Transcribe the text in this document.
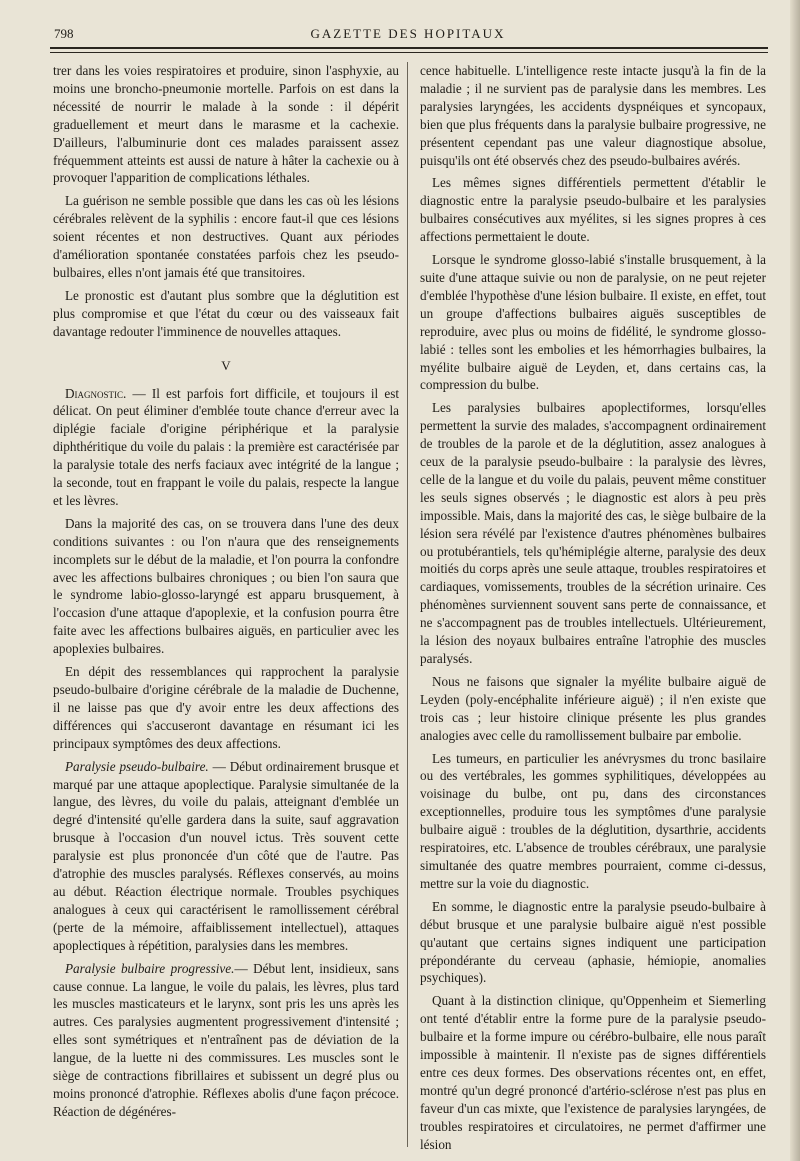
798	GAZETTE DES HOPITAUX

trer dans les voies respiratoires et produire, sinon l'asphyxie, au moins une broncho-pneumonie mortelle. Parfois on est dans la nécessité de nourrir le malade à la sonde : il dépérit graduellement et meurt dans le marasme et la cachexie. D'ailleurs, l'albuminurie dont ces malades paraissent assez fréquemment atteints est aussi de nature à hâter la cachexie ou à provoquer l'apparition de complications léthales.

La guérison ne semble possible que dans les cas où les lésions cérébrales relèvent de la syphilis : encore faut-il que ces lésions soient récentes et non destructives. Quant aux périodes d'amélioration spontanée constatées parfois chez les pseudo-bulbaires, elles n'ont jamais été que transitoires.

Le pronostic est d'autant plus sombre que la déglutition est plus compromise et que l'état du cœur ou des vaisseaux fait davantage redouter l'imminence de nouvelles attaques.

V

Diagnostic. — Il est parfois fort difficile, et toujours il est délicat. On peut éliminer d'emblée toute chance d'erreur avec la diplégie faciale d'origine périphérique et la paralysie diphthéritique du voile du palais : la première est caractérisée par la paralysie totale des nerfs faciaux avec intégrité de la langue ; la seconde, tout en frappant le voile du palais, respecte la langue et les lèvres.

Dans la majorité des cas, on se trouvera dans l'une des deux conditions suivantes : ou l'on n'aura que des renseignements incomplets sur le début de la maladie, et l'on pourra la confondre avec les affections bulbaires chroniques ; ou bien l'on saura que le syndrome labio-glosso-laryngé est apparu brusquement, à l'occasion d'une attaque d'apoplexie, et la confusion pourra être faite avec les affections bulbaires aiguës, en particulier avec les apoplexies bulbaires.

En dépit des ressemblances qui rapprochent la paralysie pseudo-bulbaire d'origine cérébrale de la maladie de Duchenne, il ne laisse pas que d'y avoir entre les deux affections des différences qui s'accuseront davantage en résumant ici les principaux symptômes des deux affections.

Paralysie pseudo-bulbaire. — Début ordinairement brusque et marqué par une attaque apoplectique. Paralysie simultanée de la langue, des lèvres, du voile du palais, atteignant d'emblée un degré d'intensité qu'elle gardera dans la suite, sauf aggravation brusque à l'occasion d'un nouvel ictus. Très souvent cette paralysie est plus prononcée d'un côté que de l'autre. Pas d'atrophie des muscles paralysés. Réflexes conservés, au moins au début. Réaction électrique normale. Troubles psychiques analogues à ceux qui caractérisent le ramollissement cérébral (perte de la mémoire, affaiblissement intellectuel), attaques apoplectiques à répétition, paralysies dans les membres.

Paralysie bulbaire progressive.— Début lent, insidieux, sans cause connue. La langue, le voile du palais, les lèvres, plus tard les muscles masticateurs et le larynx, sont pris les uns après les autres. Ces paralysies augmentent progressivement d'intensité ; elles sont symétriques et n'entraînent pas de déviation de la langue, de la luette ni des commissures. Les muscles sont le siège de contractions fibrillaires et subissent un degré plus ou moins prononcé d'atrophie. Réflexes abolis d'une façon précoce. Réaction de dégénéres-

cence habituelle. L'intelligence reste intacte jusqu'à la fin de la maladie ; il ne survient pas de paralysie dans les membres. Les paralysies laryngées, les accidents dyspnéiques et syncopaux, bien que plus fréquents dans la paralysie bulbaire progressive, ne présentent cependant pas une valeur diagnostique absolue, puisqu'ils ont été observés chez des pseudo-bulbaires avérés.

Les mêmes signes différentiels permettent d'établir le diagnostic entre la paralysie pseudo-bulbaire et les paralysies bulbaires consécutives aux myélites, si les signes propres à ces affections permettaient le doute.

Lorsque le syndrome glosso-labié s'installe brusquement, à la suite d'une attaque suivie ou non de paralysie, on ne peut rejeter d'emblée l'hypothèse d'une lésion bulbaire. Il existe, en effet, tout un groupe d'affections bulbaires aiguës susceptibles de reproduire, avec plus ou moins de fidélité, le syndrome glosso-labié : telles sont les embolies et les hémorrhagies bulbaires, la myélite bulbaire aiguë de Leyden, et, dans certains cas, la compression du bulbe.

Les paralysies bulbaires apoplectiformes, lorsqu'elles permettent la survie des malades, s'accompagnent ordinairement de troubles de la parole et de la déglutition, assez analogues à ceux de la paralysie pseudo-bulbaire : la paralysie des lèvres, celle de la langue et du voile du palais, peuvent même constituer les seuls signes observés ; le diagnostic est alors à peu près impossible. Mais, dans la majorité des cas, le siège bulbaire de la lésion sera révélé par l'existence d'autres phénomènes bulbaires ou protubérantiels, tels qu'hémiplégie alterne, paralysie des deux moitiés du corps après une seule attaque, troubles respiratoires et cardiaques, vomissements, troubles de la sécrétion urinaire. Ces phénomènes surviennent souvent sans perte de connaissance, et ne s'accompagnent pas de troubles intellectuels. Ultérieurement, la lésion des noyaux bulbaires entraîne l'atrophie des muscles paralysés.

Nous ne faisons que signaler la myélite bulbaire aiguë de Leyden (poly-encéphalite inférieure aiguë) ; il n'en existe que trois cas ; leur histoire clinique présente les plus grandes analogies avec celle du ramollissement bulbaire par embolie.

Les tumeurs, en particulier les anévrysmes du tronc basilaire ou des vertébrales, les gommes syphilitiques, développées au voisinage du bulbe, ont pu, dans des circonstances exceptionnelles, produire tous les symptômes d'une paralysie bulbaire aiguë : troubles de la déglutition, dysarthrie, accidents respiratoires, etc. L'absence de troubles cérébraux, une paralysie simultanée des quatre membres pourraient, comme ci-dessus, mettre sur la voie du diagnostic.

En somme, le diagnostic entre la paralysie pseudo-bulbaire à début brusque et une paralysie bulbaire aiguë n'est possible qu'autant que certains signes indiquent une participation prépondérante du cerveau (aphasie, hémiopie, anomalies psychiques).

Quant à la distinction clinique, qu'Oppenheim et Siemerling ont tenté d'établir entre la forme pure de la paralysie pseudo-bulbaire et la forme impure ou cérébro-bulbaire, elle nous paraît impossible à maintenir. Il n'existe pas de signes différentiels entre ces deux formes. Des observations récentes ont, en effet, montré qu'un degré prononcé d'artério-sclérose n'est pas plus en faveur d'un cas mixte, que l'existence de paralysies laryngées, de troubles respiratoires et circulatoires, ne permet d'affirmer une lésion
